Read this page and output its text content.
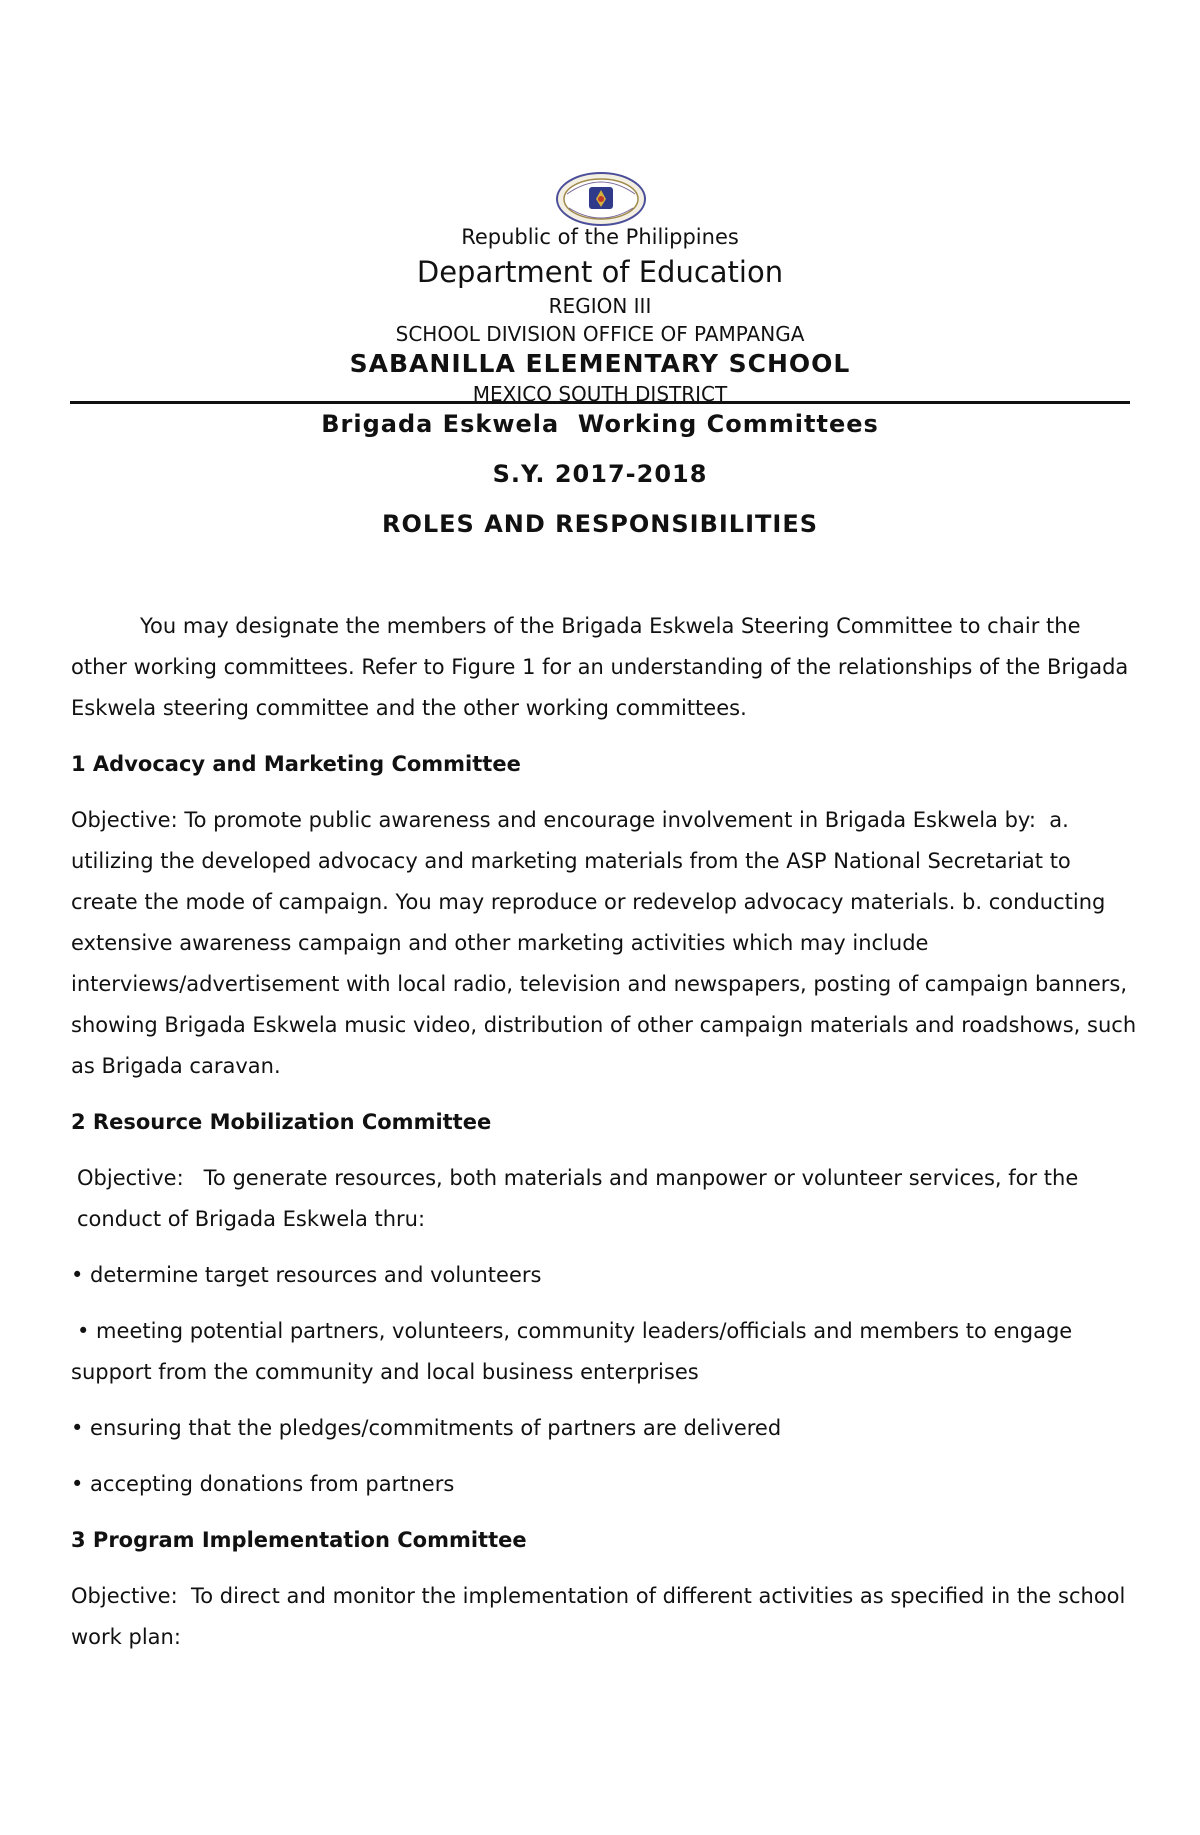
Republic of the Philippines
Department of Education
REGION III
SCHOOL DIVISION OFFICE OF PAMPANGA
SABANILLA ELEMENTARY SCHOOL
MEXICO SOUTH DISTRICT
Brigada Eskwela  Working Committees
S.Y. 2017-2018
ROLES AND RESPONSIBILITIES

You may designate the members of the Brigada Eskwela Steering Committee to chair the other working committees. Refer to Figure 1 for an understanding of the relationships of the Brigada Eskwela steering committee and the other working committees.

1 Advocacy and Marketing Committee

Objective: To promote public awareness and encourage involvement in Brigada Eskwela by:  a. utilizing the developed advocacy and marketing materials from the ASP National Secretariat to create the mode of campaign. You may reproduce or redevelop advocacy materials. b. conducting extensive awareness campaign and other marketing activities which may include interviews/advertisement with local radio, television and newspapers, posting of campaign banners, showing Brigada Eskwela music video, distribution of other campaign materials and roadshows, such as Brigada caravan.

2 Resource Mobilization Committee

Objective:   To generate resources, both materials and manpower or volunteer services, for the conduct of Brigada Eskwela thru:

• determine target resources and volunteers

• meeting potential partners, volunteers, community leaders/officials and members to engage support from the community and local business enterprises

• ensuring that the pledges/commitments of partners are delivered

• accepting donations from partners

3 Program Implementation Committee

Objective:  To direct and monitor the implementation of different activities as specified in the school work plan:
